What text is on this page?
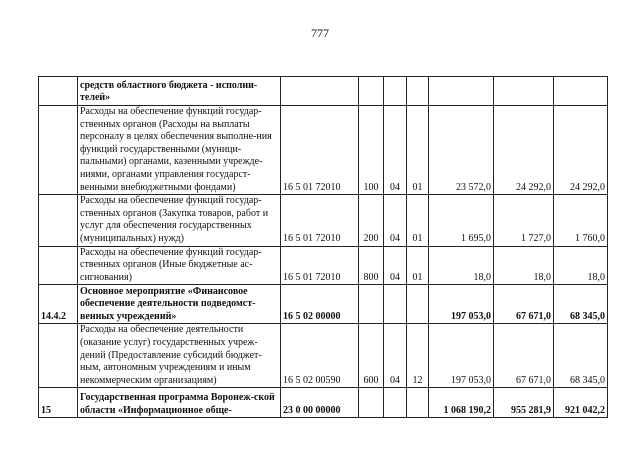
777
	средств областного бюджета - исполни-телей»							
	Расходы на обеспечение функций государ-ственных органов (Расходы на выплаты персоналу в целях обеспечения выполне-ния функций государственными (муници-пальными) органами, казенными учрежде-ниями, органами управления государст-венными внебюджетными фондами)	16 5 01 72010	100	04	01	23 572,0	24 292,0	24 292,0
	Расходы на обеспечение функций государ-ственных органов (Закупка товаров, работ и услуг для обеспечения государственных (муниципальных) нужд)	16 5 01 72010	200	04	01	1 695,0	1 727,0	1 760,0
	Расходы на обеспечение функций государ-ственных органов (Иные бюджетные ас-сигнования)	16 5 01 72010	800	04	01	18,0	18,0	18,0
14.4.2	Основное мероприятие «Финансовое обеспечение деятельности подведомст-венных учреждений»	16 5 02 00000				197 053,0	67 671,0	68 345,0
	Расходы на обеспечение деятельности (оказание услуг) государственных учреж-дений (Предоставление субсидий бюджет-ным, автономным учреждениям и иным некоммерческим организациям)	16 5 02 00590	600	04	12	197 053,0	67 671,0	68 345,0
15	Государственная программа Воронеж-ской области «Информационное обще-	23 0 00 00000				1 068 190,2	955 281,9	921 042,2
